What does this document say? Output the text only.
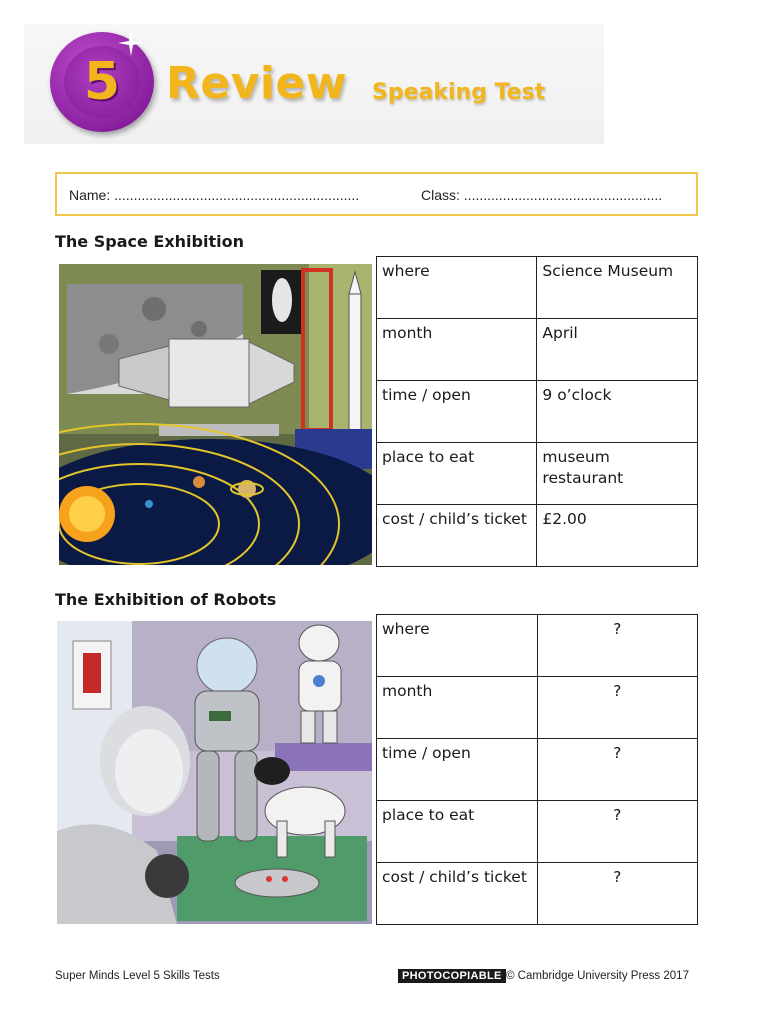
5	Review Speaking Test
Name: ...............................................................	Class: ...................................................
The Space Exhibition
where	Science Museum
month	April
time / open	9 o’clock
place to eat	museum restaurant
cost / child’s ticket	£2.00
The Exhibition of Robots
where	?
month	?
time / open	?
place to eat	?
cost / child’s ticket	?
Super Minds Level 5 Skills Tests	PHOTOCOPIABLE © Cambridge University Press 2017
